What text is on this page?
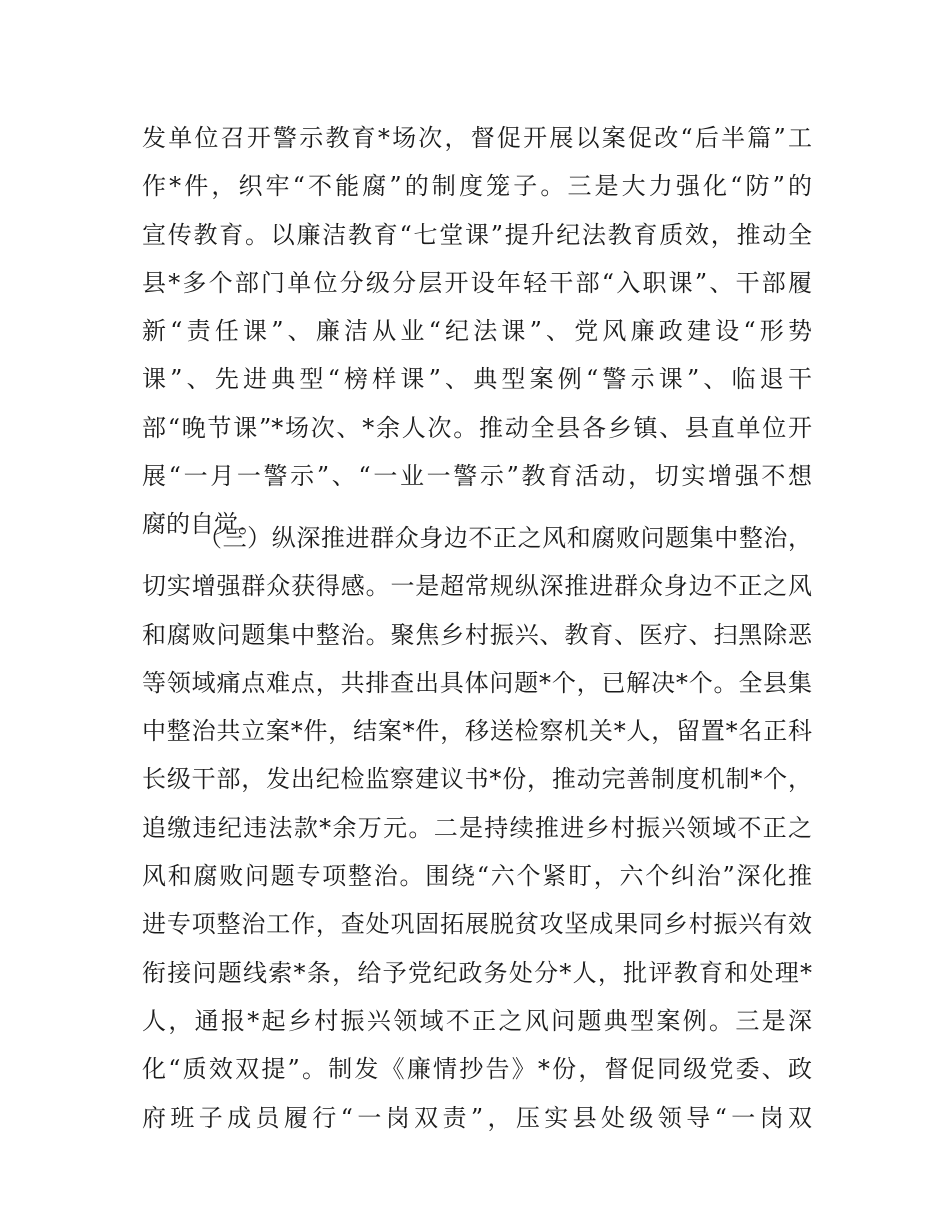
发单位召开警示教育*场次，督促开展以案促改“后半篇”工
作*件，织牢“不能腐”的制度笼子。三是大力强化“防”的
宣传教育。以廉洁教育“七堂课”提升纪法教育质效，推动全
县*多个部门单位分级分层开设年轻干部“入职课”、干部履
新“责任课”、廉洁从业“纪法课”、党风廉政建设“形势
课”、先进典型“榜样课”、典型案例“警示课”、临退干
部“晚节课”*场次、*余人次。推动全县各乡镇、县直单位开
展“一月一警示”、“一业一警示”教育活动，切实增强不想
腐的自觉。
（三）纵深推进群众身边不正之风和腐败问题集中整治，
切实增强群众获得感。一是超常规纵深推进群众身边不正之风
和腐败问题集中整治。聚焦乡村振兴、教育、医疗、扫黑除恶
等领域痛点难点，共排查出具体问题*个，已解决*个。全县集
中整治共立案*件，结案*件，移送检察机关*人，留置*名正科
长级干部，发出纪检监察建议书*份，推动完善制度机制*个，
追缴违纪违法款*余万元。二是持续推进乡村振兴领域不正之
风和腐败问题专项整治。围绕“六个紧盯，六个纠治”深化推
进专项整治工作，查处巩固拓展脱贫攻坚成果同乡村振兴有效
衔接问题线索*条，给予党纪政务处分*人，批评教育和处理*
人，通报*起乡村振兴领域不正之风问题典型案例。三是深
化“质效双提”。制发《廉情抄告》*份，督促同级党委、政
府班子成员履行“一岗双责”，压实县处级领导“一岗双
